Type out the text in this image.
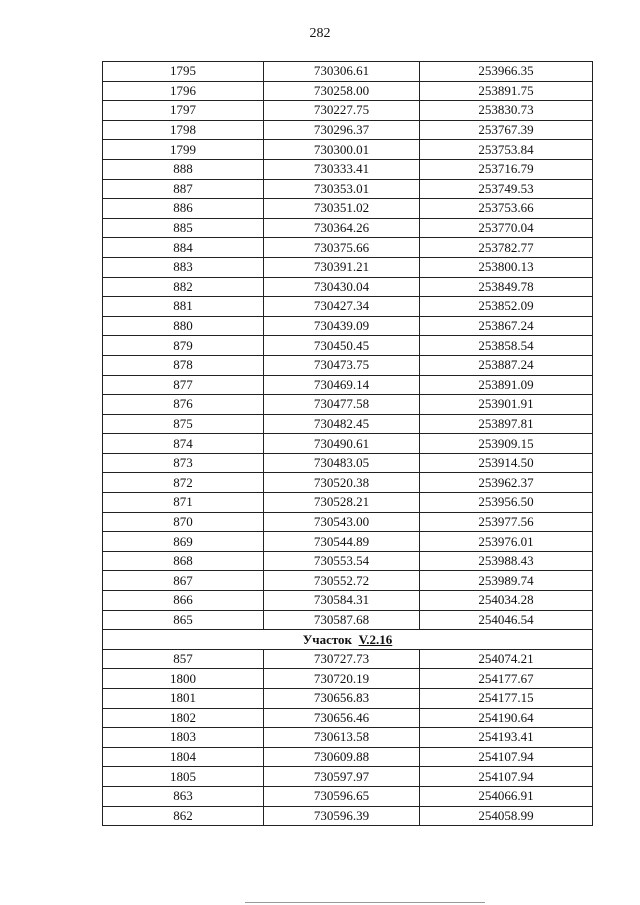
282
1795	730306.61	253966.35
1796	730258.00	253891.75
1797	730227.75	253830.73
1798	730296.37	253767.39
1799	730300.01	253753.84
888	730333.41	253716.79
887	730353.01	253749.53
886	730351.02	253753.66
885	730364.26	253770.04
884	730375.66	253782.77
883	730391.21	253800.13
882	730430.04	253849.78
881	730427.34	253852.09
880	730439.09	253867.24
879	730450.45	253858.54
878	730473.75	253887.24
877	730469.14	253891.09
876	730477.58	253901.91
875	730482.45	253897.81
874	730490.61	253909.15
873	730483.05	253914.50
872	730520.38	253962.37
871	730528.21	253956.50
870	730543.00	253977.56
869	730544.89	253976.01
868	730553.54	253988.43
867	730552.72	253989.74
866	730584.31	254034.28
865	730587.68	254046.54
Участок V.2.16		
857	730727.73	254074.21
1800	730720.19	254177.67
1801	730656.83	254177.15
1802	730656.46	254190.64
1803	730613.58	254193.41
1804	730609.88	254107.94
1805	730597.97	254107.94
863	730596.65	254066.91
862	730596.39	254058.99
